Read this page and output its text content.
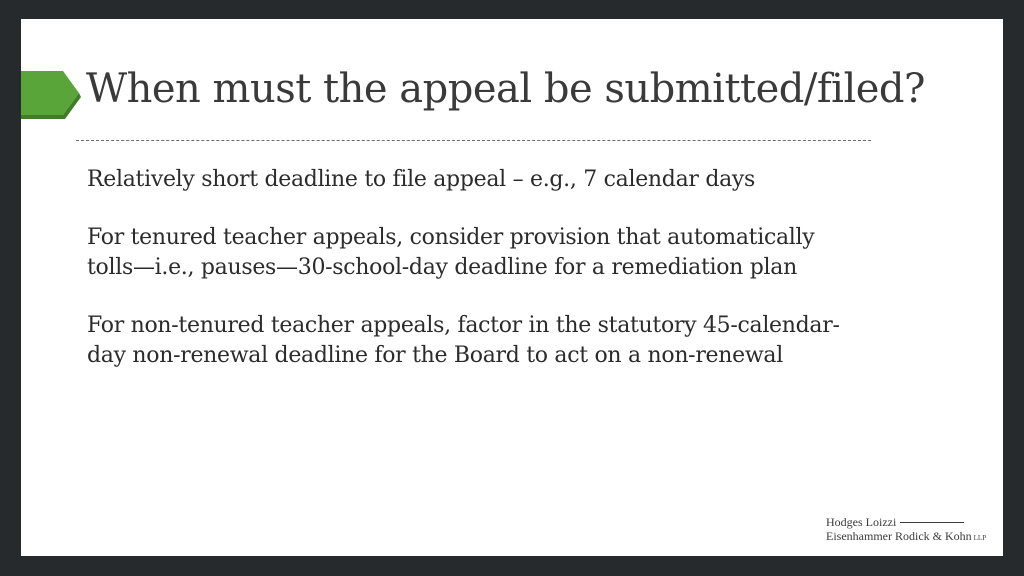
When must the appeal be submitted/filed?

Relatively short deadline to file appeal – e.g., 7 calendar days

For tenured teacher appeals, consider provision that automatically tolls—i.e., pauses—30-school-day deadline for a remediation plan

For non-tenured teacher appeals, factor in the statutory 45-calendar-day non-renewal deadline for the Board to act on a non-renewal

Hodges Loizzi
Eisenhammer Rodick & Kohn LLP
